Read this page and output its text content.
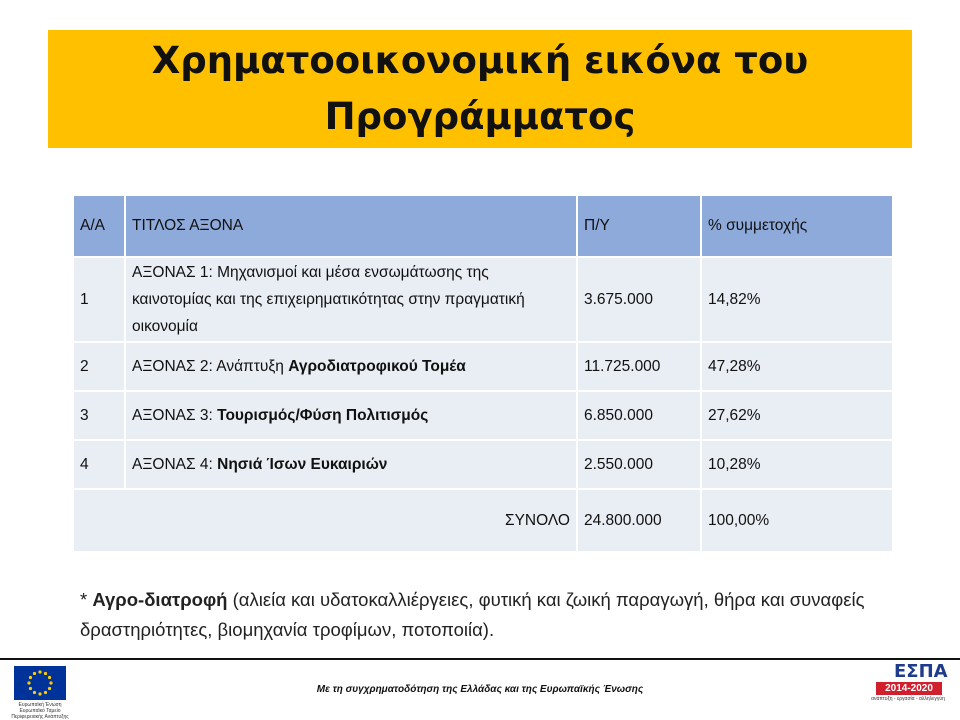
Χρηματοοικονομική εικόνα του Προγράμματος
Α/Α	ΤΙΤΛΟΣ ΑΞΟΝΑ	Π/Υ	% συμμετοχής
1	ΑΞΟΝΑΣ 1: Μηχανισμοί και μέσα ενσωμάτωσης της καινοτομίας και της επιχειρηματικότητας στην πραγματική οικονομία	3.675.000	14,82%
2	ΑΞΟΝΑΣ 2: Ανάπτυξη Αγροδιατροφικού Τομέα	11.725.000	47,28%
3	ΑΞΟΝΑΣ 3: Τουρισμός/Φύση Πολιτισμός	6.850.000	27,62%
4	ΑΞΟΝΑΣ 4: Νησιά Ίσων Ευκαιριών	2.550.000	10,28%
ΣΥΝΟΛΟ		24.800.000	100,00%
* Αγρο-διατροφή (αλιεία και υδατοκαλλιέργειες, φυτική και ζωική παραγωγή, θήρα και συναφείς δραστηριότητες, βιομηχανία τροφίμων, ποτοποιία).
Ευρωπαϊκή Ένωση Ευρωπαϊκό Ταμείο Περιφερειακής Ανάπτυξης
Με τη συγχρηματοδότηση της Ελλάδας και της Ευρωπαϊκής Ένωσης
ΕΣΠΑ
2014-2020
ανάπτυξη - εργασία - αλληλεγγύη
